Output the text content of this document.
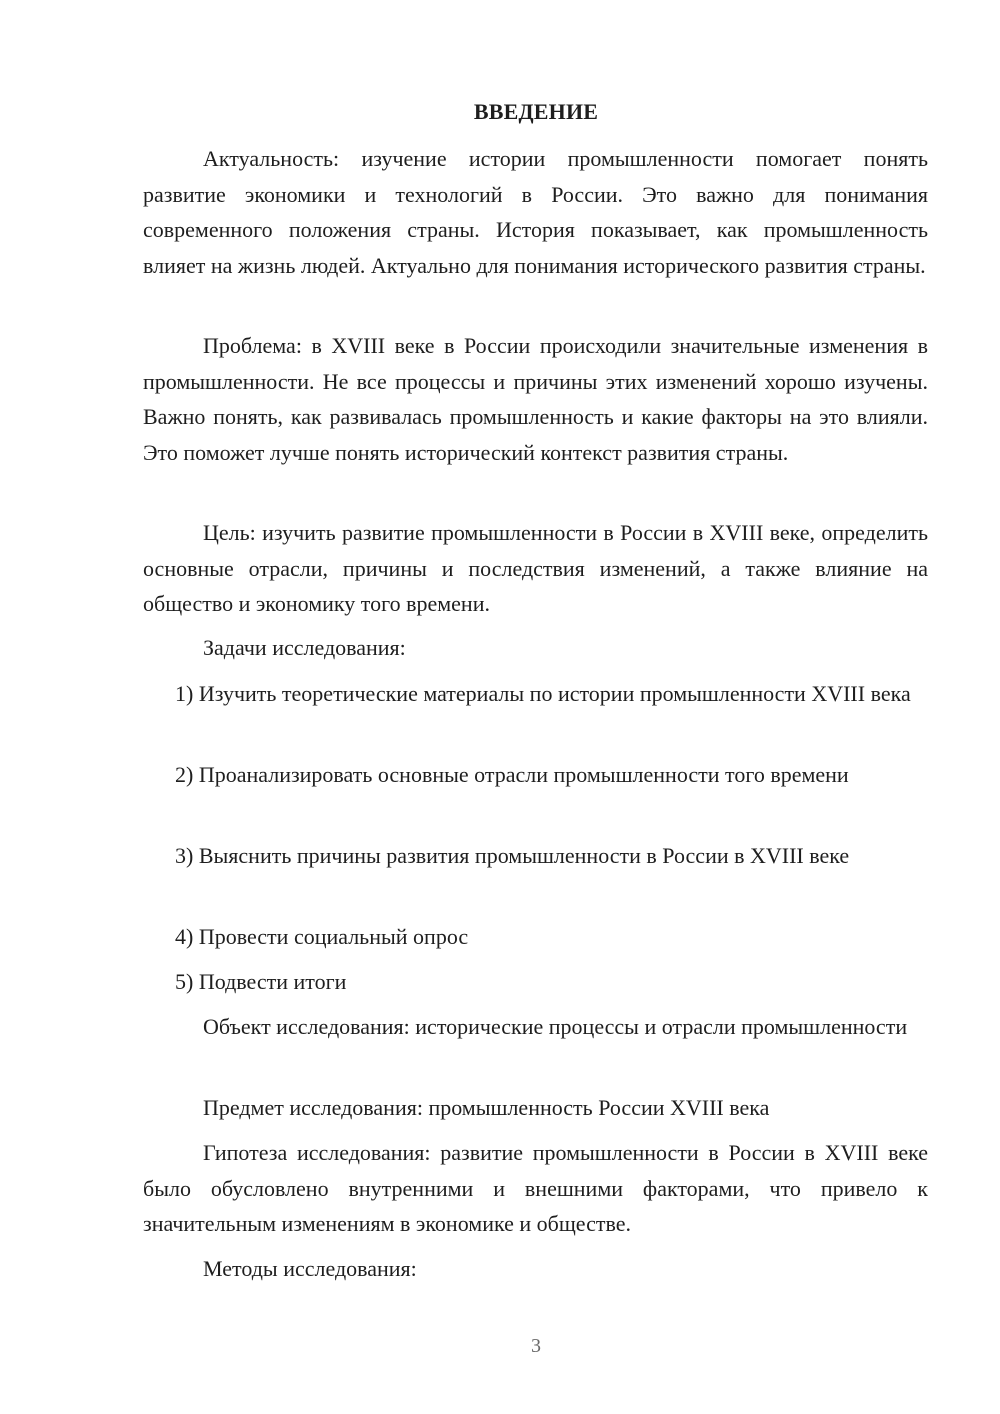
ВВЕДЕНИЕ

Актуальность: изучение истории промышленности помогает понять развитие экономики и технологий в России. Это важно для понимания современного положения страны. История показывает, как промышленность влияет на жизнь людей. Актуально для понимания исторического развития страны.

Проблема: в XVIII веке в России происходили значительные изменения в промышленности. Не все процессы и причины этих изменений хорошо изучены. Важно понять, как развивалась промышленность и какие факторы на это влияли. Это поможет лучше понять исторический контекст развития страны.

Цель: изучить развитие промышленности в России в XVIII веке, определить основные отрасли, причины и последствия изменений, а также влияние на общество и экономику того времени.

Задачи исследования:

1) Изучить теоретические материалы по истории промышленности XVIII века

2) Проанализировать основные отрасли промышленности того времени

3) Выяснить причины развития промышленности в России в XVIII веке

4) Провести социальный опрос

5) Подвести итоги

Объект исследования: исторические процессы и отрасли промышленности

Предмет исследования: промышленность России XVIII века

Гипотеза исследования: развитие промышленности в России в XVIII веке было обусловлено внутренними и внешними факторами, что привело к значительным изменениям в экономике и обществе.

Методы исследования:

3
